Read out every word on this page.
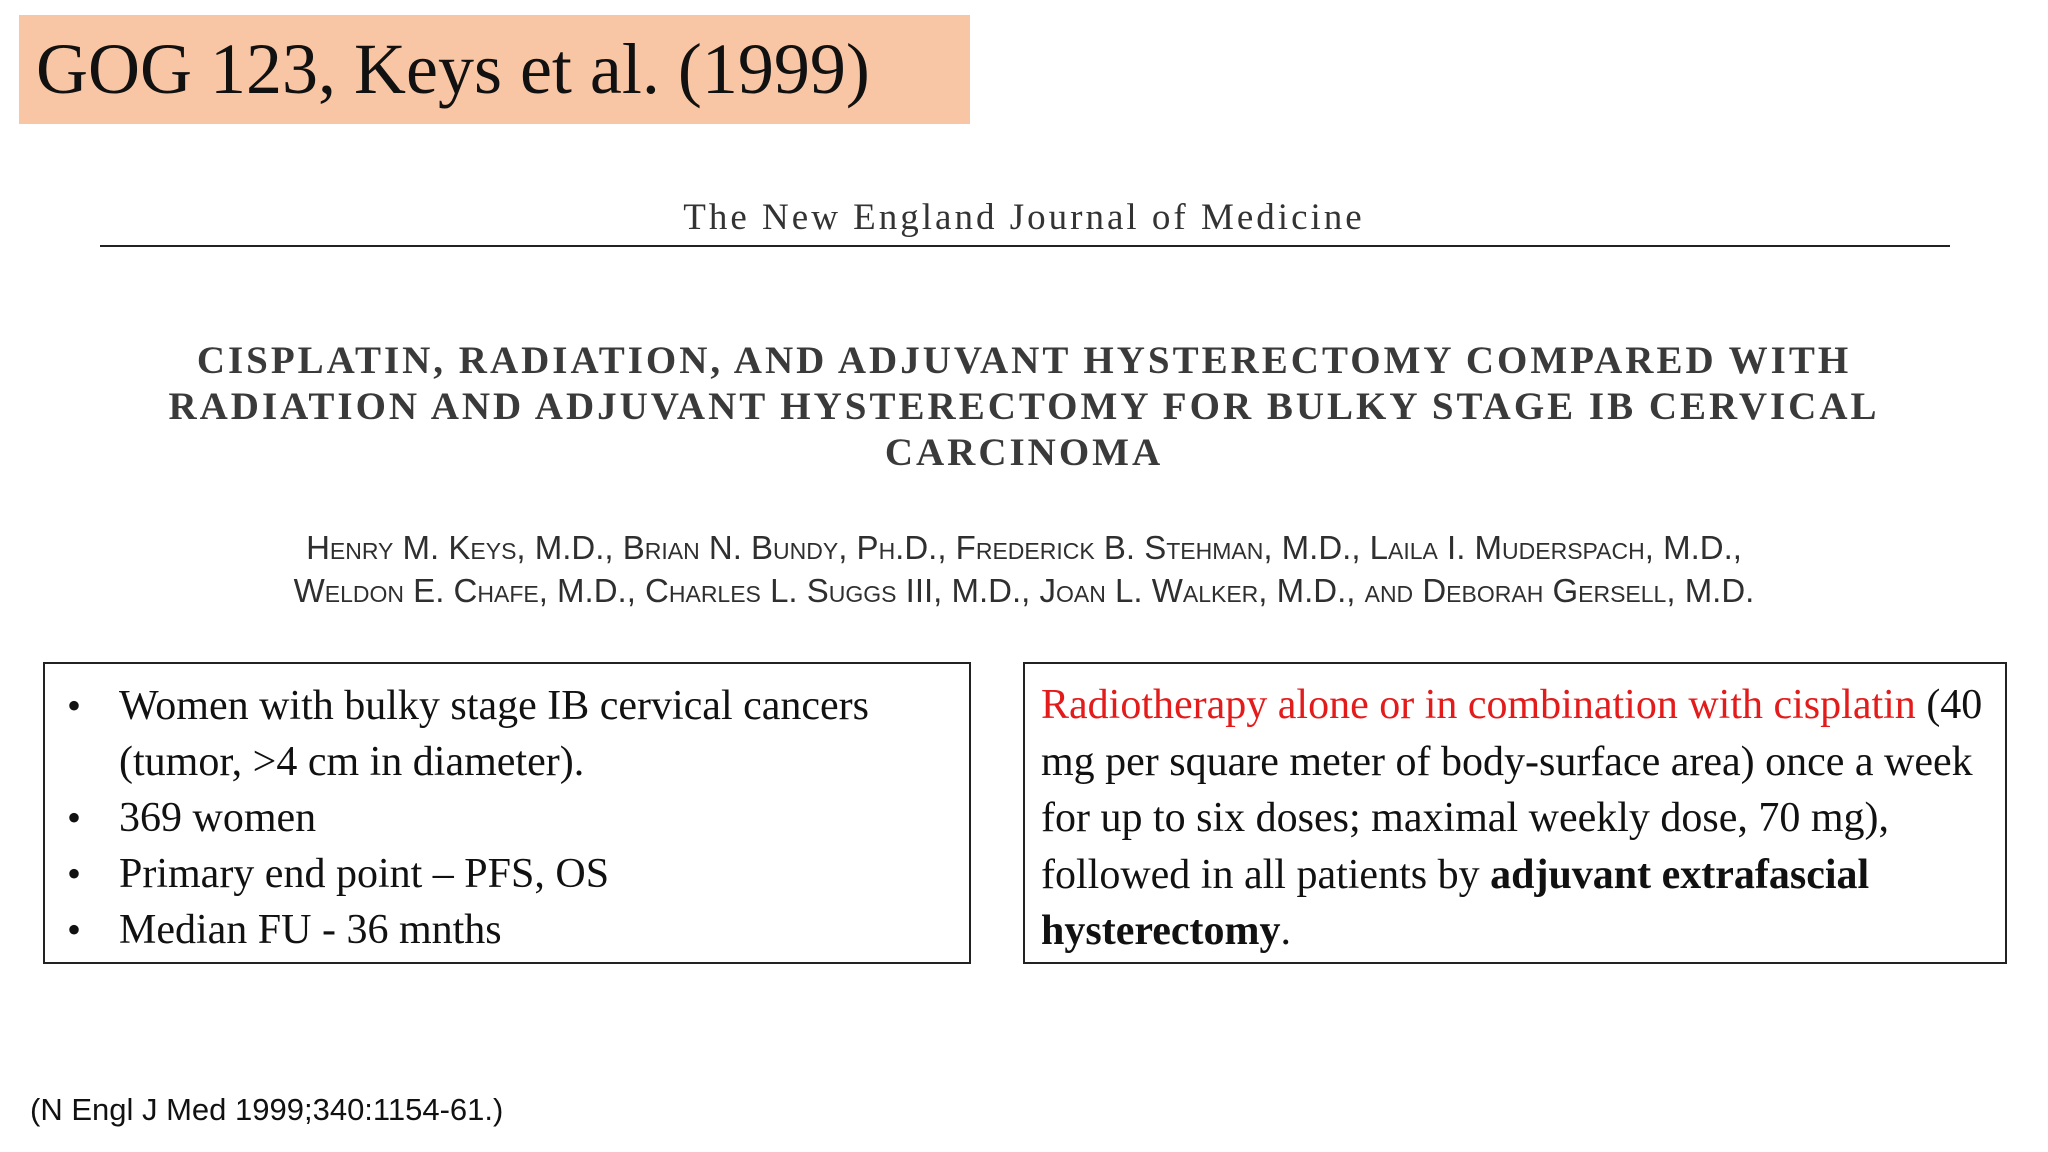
GOG 123, Keys et al. (1999)
The New England Journal of Medicine
CISPLATIN, RADIATION, AND ADJUVANT HYSTERECTOMY COMPARED WITH
RADIATION AND ADJUVANT HYSTERECTOMY FOR BULKY STAGE IB CERVICAL
CARCINOMA
Henry M. Keys, M.D., Brian N. Bundy, Ph.D., Frederick B. Stehman, M.D., Laila I. Muderspach, M.D.,
Weldon E. Chafe, M.D., Charles L. Suggs III, M.D., Joan L. Walker, M.D., and Deborah Gersell, M.D.
• Women with bulky stage IB cervical cancers (tumor, >4 cm in diameter).
• 369 women
• Primary end point – PFS, OS
• Median FU - 36 mnths
Radiotherapy alone or in combination with cisplatin (40 mg per square meter of body-surface area) once a week for up to six doses; maximal weekly dose, 70 mg), followed in all patients by adjuvant extrafascial hysterectomy.
(N Engl J Med 1999;340:1154-61.)
